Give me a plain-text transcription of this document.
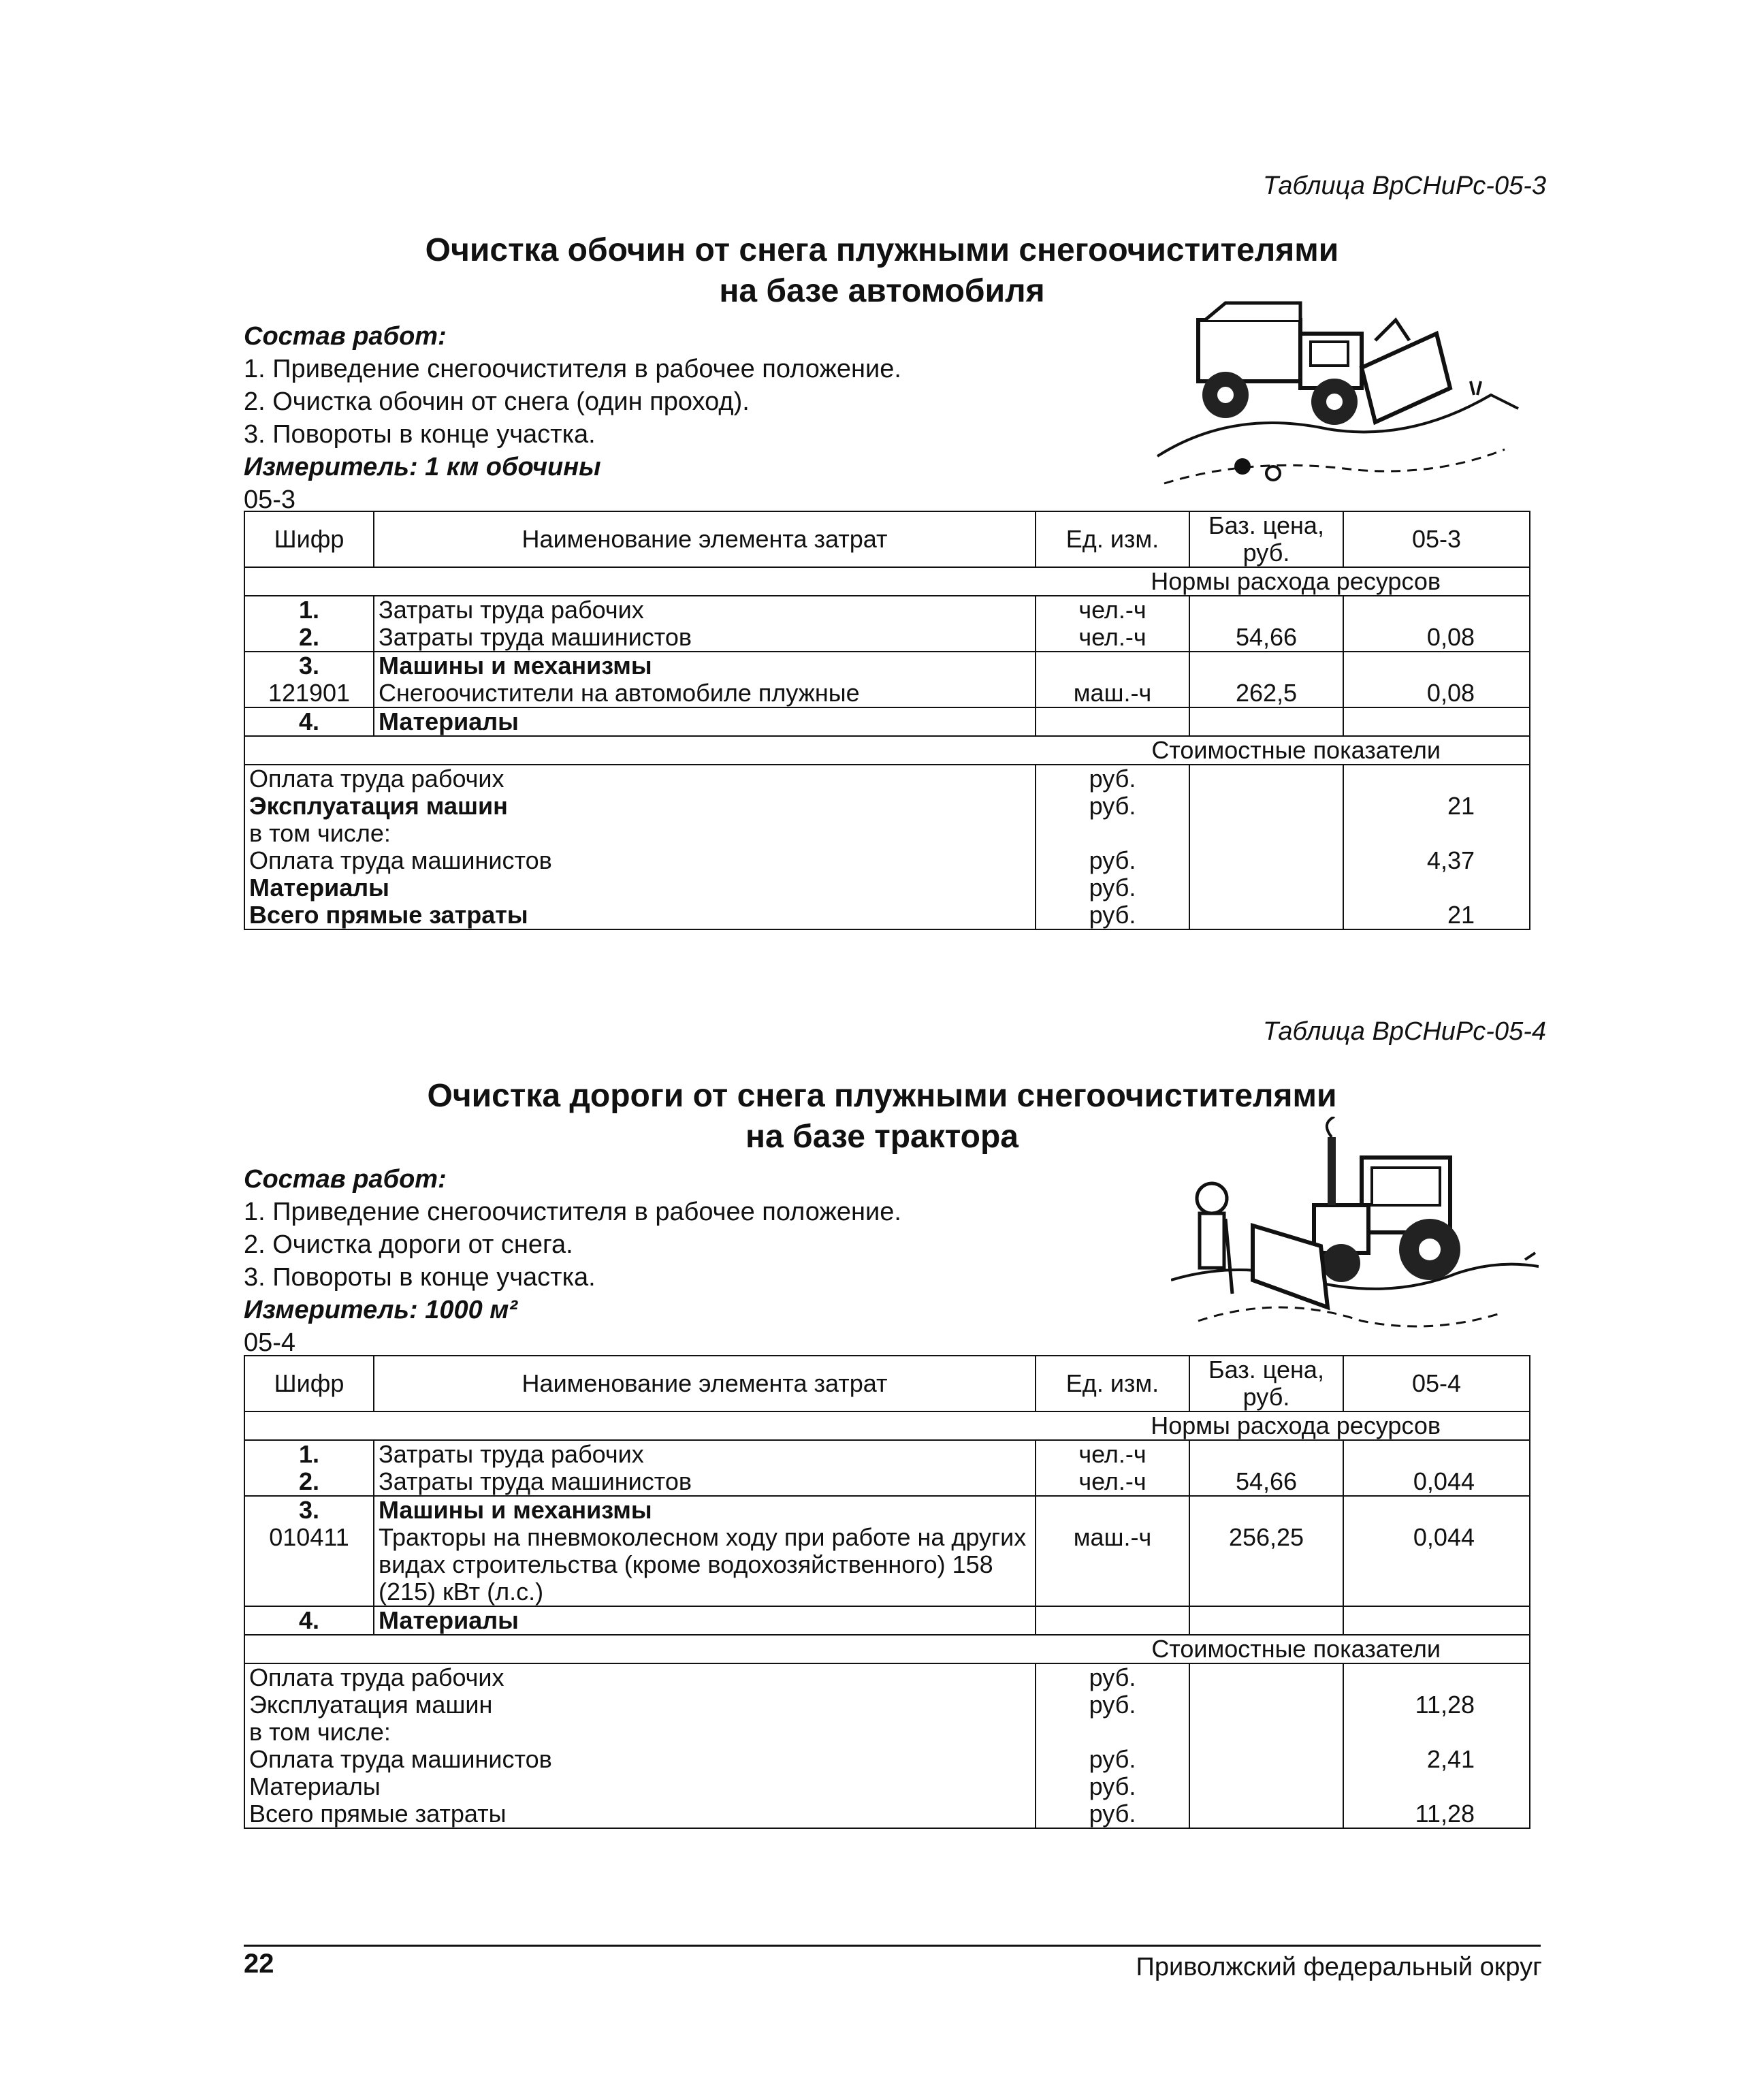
Таблица ВрСНиРс-05-3
Очистка обочин от снега плужными снегоочистителями
на базе автомобиля
Состав работ:
1. Приведение снегоочистителя в рабочее положение.
2. Очистка обочин от снега (один проход).
3. Повороты в конце участка.
Измеритель: 1 км обочины
05-3
Шифр	Наименование элемента затрат	Ед. изм.	Баз. цена, руб.	05-3
Нормы расхода ресурсов				
1.	Затраты труда рабочих	чел.-ч		
2.	Затраты труда машинистов	чел.-ч	54,66	0,08
3.	Машины и механизмы			
121901	Снегоочистители на автомобиле плужные	маш.-ч	262,5	0,08
4.	Материалы			
Стоимостные показатели				
Оплата труда рабочих		руб.		
Эксплуатация машин		руб.		21
в том числе:				
Оплата труда машинистов		руб.		4,37
Материалы		руб.		
Всего прямые затраты		руб.		21
Таблица ВрСНиРс-05-4
Очистка дороги от снега плужными снегоочистителями
на базе трактора
Состав работ:
1. Приведение снегоочистителя в рабочее положение.
2. Очистка дороги от снега.
3. Повороты в конце участка.
Измеритель: 1000 м²
05-4
Шифр	Наименование элемента затрат	Ед. изм.	Баз. цена, руб.	05-4
Нормы расхода ресурсов				
1.	Затраты труда рабочих	чел.-ч		
2.	Затраты труда машинистов	чел.-ч	54,66	0,044
3.	Машины и механизмы			
010411	Тракторы на пневмоколесном ходу при работе на других видах строительства (кроме водохозяйственного) 158 (215) кВт (л.с.)	маш.-ч	256,25	0,044
4.	Материалы			
Стоимостные показатели				
Оплата труда рабочих		руб.		
Эксплуатация машин		руб.		11,28
в том числе:				
Оплата труда машинистов		руб.		2,41
Материалы		руб.		
Всего прямые затраты		руб.		11,28
22	Приволжский федеральный округ
